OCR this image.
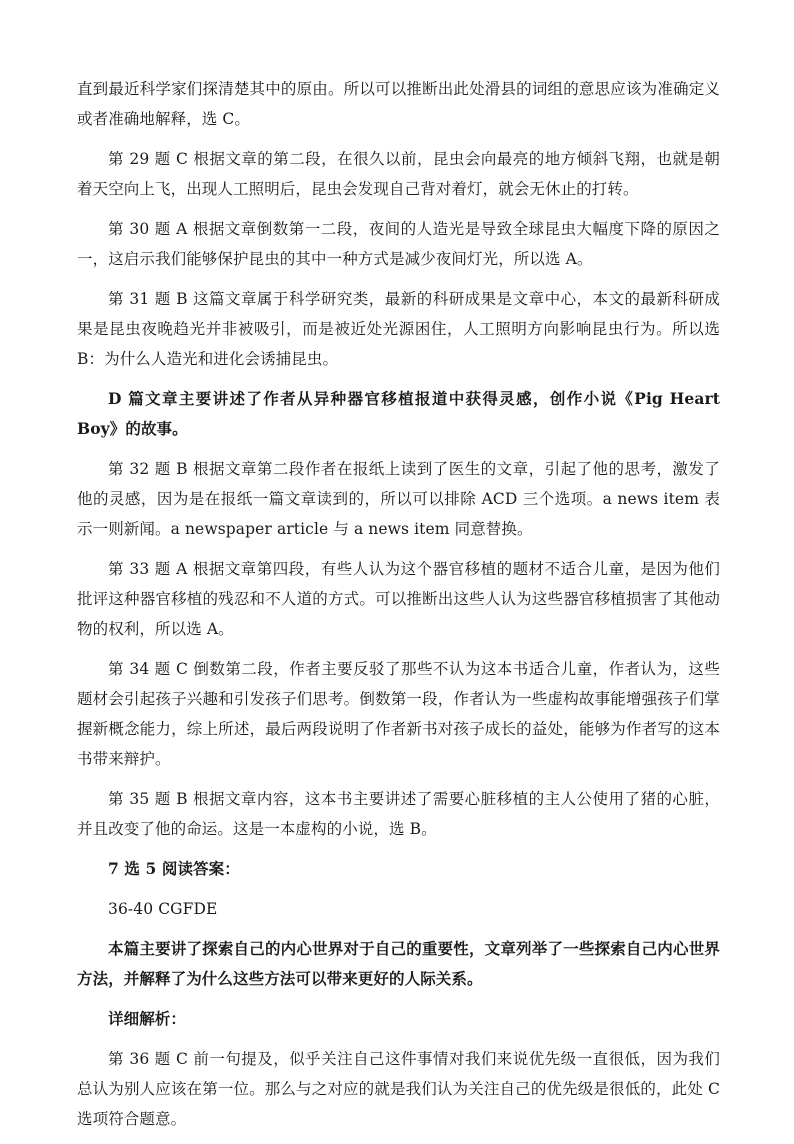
直到最近科学家们探清楚其中的原由。所以可以推断出此处滑县的词组的意思应该为准确定义或者准确地解释，选 C。

第 29 题 C 根据文章的第二段，在很久以前，昆虫会向最亮的地方倾斜飞翔，也就是朝着天空向上飞，出现人工照明后，昆虫会发现自己背对着灯，就会无休止的打转。

第 30 题 A 根据文章倒数第一二段，夜间的人造光是导致全球昆虫大幅度下降的原因之一，这启示我们能够保护昆虫的其中一种方式是减少夜间灯光，所以选 A。

第 31 题 B 这篇文章属于科学研究类，最新的科研成果是文章中心，本文的最新科研成果是昆虫夜晚趋光并非被吸引，而是被近处光源困住，人工照明方向影响昆虫行为。所以选 B：为什么人造光和进化会诱捕昆虫。

D 篇文章主要讲述了作者从异种器官移植报道中获得灵感，创作小说《Pig Heart Boy》的故事。

第 32 题 B 根据文章第二段作者在报纸上读到了医生的文章，引起了他的思考，激发了他的灵感，因为是在报纸一篇文章读到的，所以可以排除 ACD 三个选项。a news item 表示一则新闻。a newspaper article 与 a news item 同意替换。

第 33 题 A 根据文章第四段，有些人认为这个器官移植的题材不适合儿童，是因为他们批评这种器官移植的残忍和不人道的方式。可以推断出这些人认为这些器官移植损害了其他动物的权利，所以选 A。

第 34 题 C 倒数第二段，作者主要反驳了那些不认为这本书适合儿童，作者认为，这些题材会引起孩子兴趣和引发孩子们思考。倒数第一段，作者认为一些虚构故事能增强孩子们掌握新概念能力，综上所述，最后两段说明了作者新书对孩子成长的益处，能够为作者写的这本书带来辩护。

第 35 题 B 根据文章内容，这本书主要讲述了需要心脏移植的主人公使用了猪的心脏，并且改变了他的命运。这是一本虚构的小说，选 B。

7 选 5 阅读答案：

36-40 CGFDE

本篇主要讲了探索自己的内心世界对于自己的重要性，文章列举了一些探索自己内心世界方法，并解释了为什么这些方法可以带来更好的人际关系。

详细解析：

第 36 题 C 前一句提及，似乎关注自己这件事情对我们来说优先级一直很低，因为我们总认为别人应该在第一位。那么与之对应的就是我们认为关注自己的优先级是很低的，此处 C 选项符合题意。
